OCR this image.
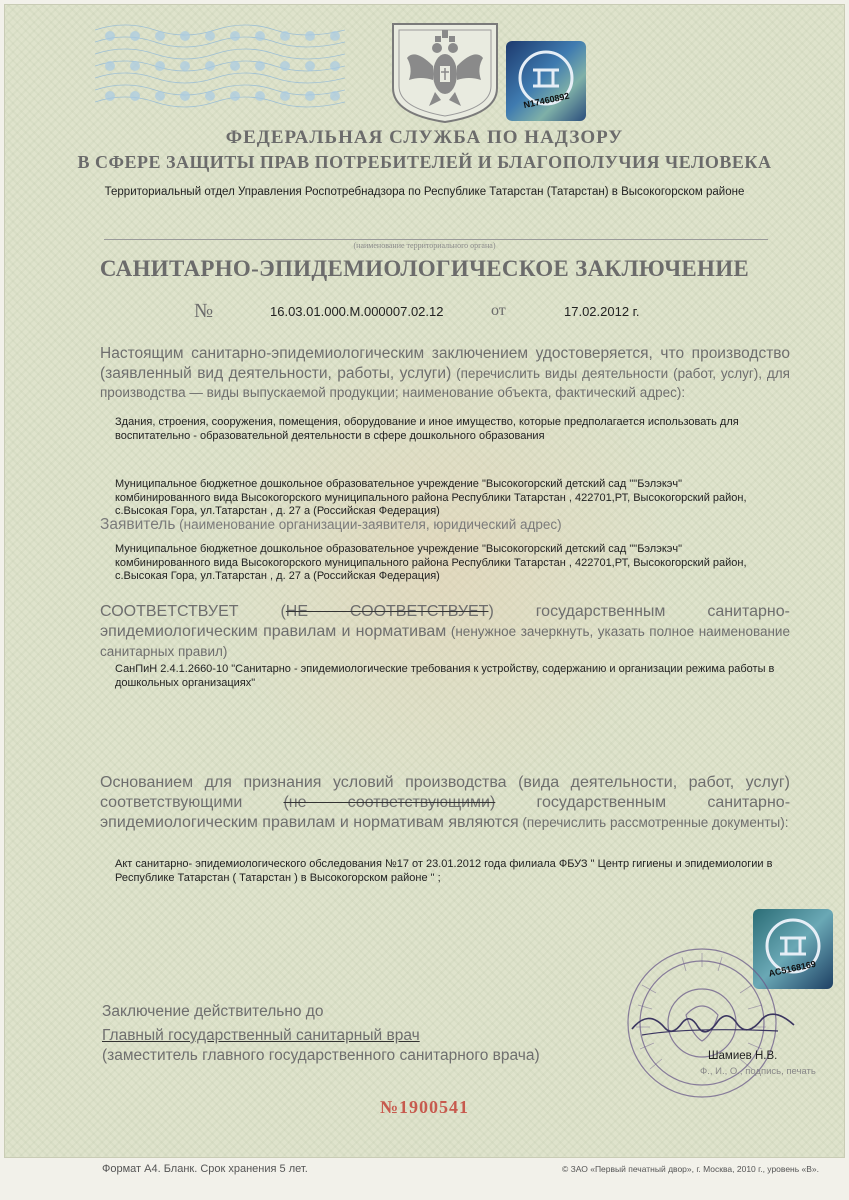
N17460892
ФЕДЕРАЛЬНАЯ СЛУЖБА ПО НАДЗОРУ
В СФЕРЕ ЗАЩИТЫ ПРАВ ПОТРЕБИТЕЛЕЙ И БЛАГОПОЛУЧИЯ ЧЕЛОВЕКА
Территориальный отдел Управления Роспотребнадзора по Республике Татарстан (Татарстан) в Высокогорском районе
(наименование территориального органа)
САНИТАРНО-ЭПИДЕМИОЛОГИЧЕСКОЕ ЗАКЛЮЧЕНИЕ
№	16.03.01.000.М.000007.02.12	от	17.02.2012 г.
Настоящим санитарно-эпидемиологическим заключением удостоверяется, что производство (заявленный вид деятельности, работы, услуги) (перечислить виды деятельности (работ, услуг), для производства — виды выпускаемой продукции; наименование объекта, фактический адрес):
Здания, строения, сооружения, помещения, оборудование и иное имущество, которые предполагается использовать для воспитательно - образовательной деятельности в сфере дошкольного образования
Муниципальное бюджетное дошкольное образовательное учреждение "Высокогорский детский сад ""Бэлэкэч" комбинированного вида Высокогорского муниципального района Республики Татарстан , 422701,РТ, Высокогорский район, с.Высокая Гора, ул.Татарстан , д. 27 а (Российская Федерация)
Заявитель (наименование организации-заявителя, юридический адрес)
Муниципальное бюджетное дошкольное образовательное учреждение "Высокогорский детский сад ""Бэлэкэч" комбинированного вида Высокогорского муниципального района Республики Татарстан , 422701,РТ, Высокогорский район, с.Высокая Гора, ул.Татарстан , д. 27 а (Российская Федерация)
СООТВЕТСТВУЕТ (НЕ СООТВЕТСТВУЕТ) государственным санитарно-эпидемиологическим правилам и нормативам (ненужное зачеркнуть, указать полное наименование санитарных правил)
СанПиН 2.4.1.2660-10 "Санитарно - эпидемиологические требования к устройству, содержанию и организации режима работы в дошкольных организациях"
Основанием для признания условий производства (вида деятельности, работ, услуг) соответствующими (не соответствующими) государственным санитарно-эпидемиологическим правилам и нормативам являются (перечислить рассмотренные документы):
Акт санитарно- эпидемиологического обследования №17 от 23.01.2012 года филиала ФБУЗ " Центр гигиены и эпидемиологии в Республике Татарстан ( Татарстан ) в Высокогорском районе " ;
AC5168169
Заключение действительно до
Главный государственный санитарный врач
(заместитель главного государственного санитарного врача)	Шамиев Н.В.
Ф., И., О., подпись, печать
№1900541
Формат А4. Бланк. Срок хранения 5 лет.	© ЗАО «Первый печатный двор», г. Москва, 2010 г., уровень «В».
